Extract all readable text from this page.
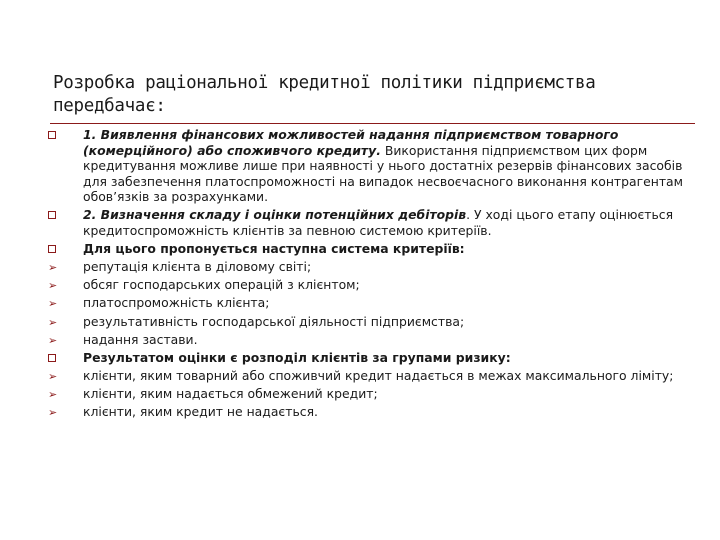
Розробка раціональної кредитної політики підприємства передбачає:
1. Виявлення фінансових можливостей надання підприємством товарного (комерційного) або споживчого кредиту. Використання підприємством цих форм кредитування можливе лише при наявності у нього достатніх резервів фінансових засобів для забезпечення платоспроможності на випадок несвоєчасного виконання контрагентам обов’язків за розрахунками.
2. Визначення складу і оцінки потенційних дебіторів. У ході цього етапу оцінюється кредитоспроможність клієнтів за певною системою критеріїв.
Для цього пропонується наступна система критеріїв:
➢	репутація клієнта в діловому світі;
➢	обсяг господарських операцій з клієнтом;
➢	платоспроможність клієнта;
➢	результативність господарської діяльності підприємства;
➢	надання застави.
Результатом оцінки є розподіл клієнтів за групами ризику:
➢	клієнти, яким товарний або споживчий кредит надається в межах максимального ліміту;
➢	клієнти, яким надається обмежений кредит;
➢	клієнти, яким кредит не надається.
